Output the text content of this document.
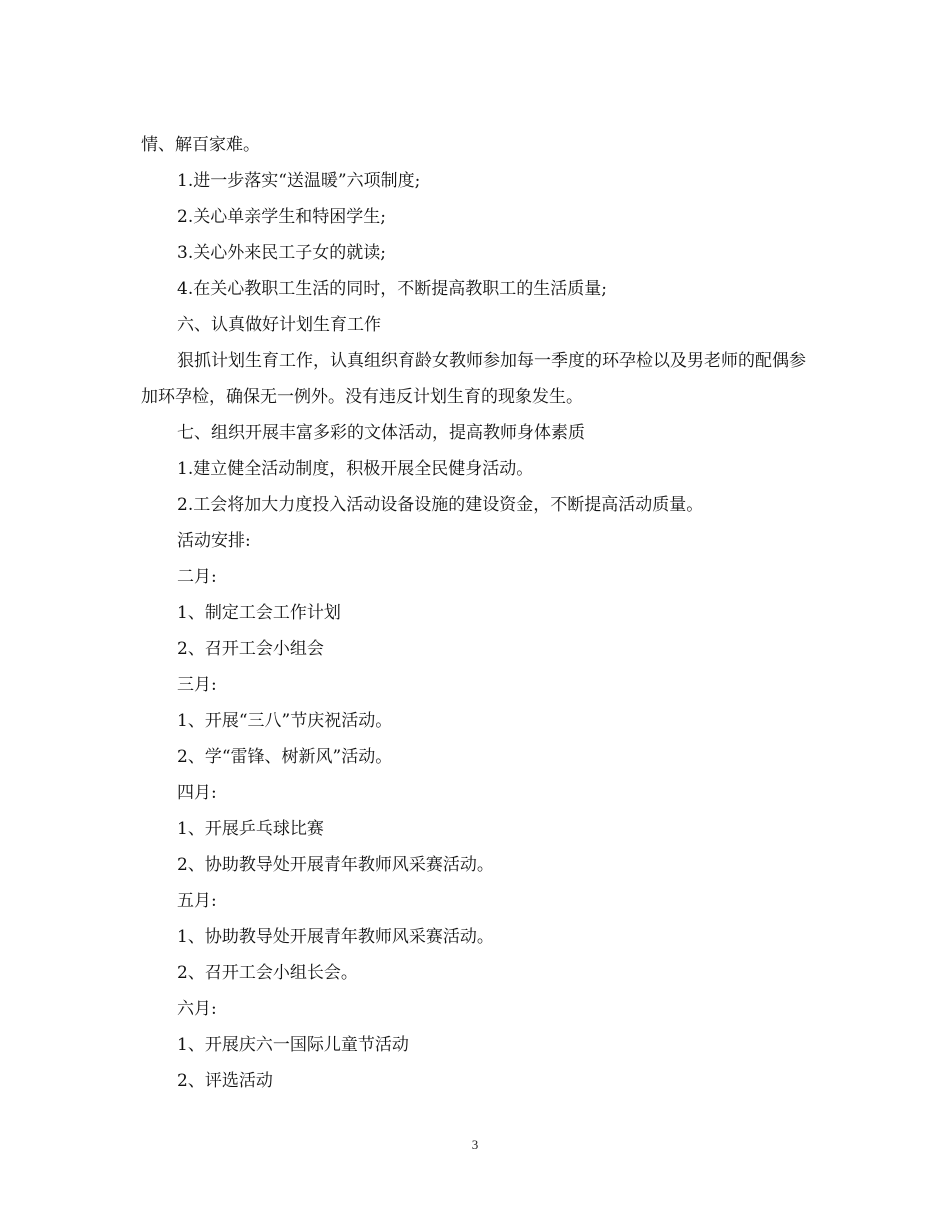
情、解百家难。
1.进一步落实“送温暖”六项制度;
2.关心单亲学生和特困学生;
3.关心外来民工子女的就读;
4.在关心教职工生活的同时，不断提高教职工的生活质量;
六、认真做好计划生育工作
狠抓计划生育工作，认真组织育龄女教师参加每一季度的环孕检以及男老师的配偶参加环孕检，确保无一例外。没有违反计划生育的现象发生。
七、组织开展丰富多彩的文体活动，提高教师身体素质
1.建立健全活动制度，积极开展全民健身活动。
2.工会将加大力度投入活动设备设施的建设资金，不断提高活动质量。
活动安排:
二月:
1、制定工会工作计划
2、召开工会小组会
三月:
1、开展“三八”节庆祝活动。
2、学“雷锋、树新风”活动。
四月:
1、开展乒乓球比赛
2、协助教导处开展青年教师风采赛活动。
五月:
1、协助教导处开展青年教师风采赛活动。
2、召开工会小组长会。
六月:
1、开展庆六一国际儿童节活动
2、评选活动
3
